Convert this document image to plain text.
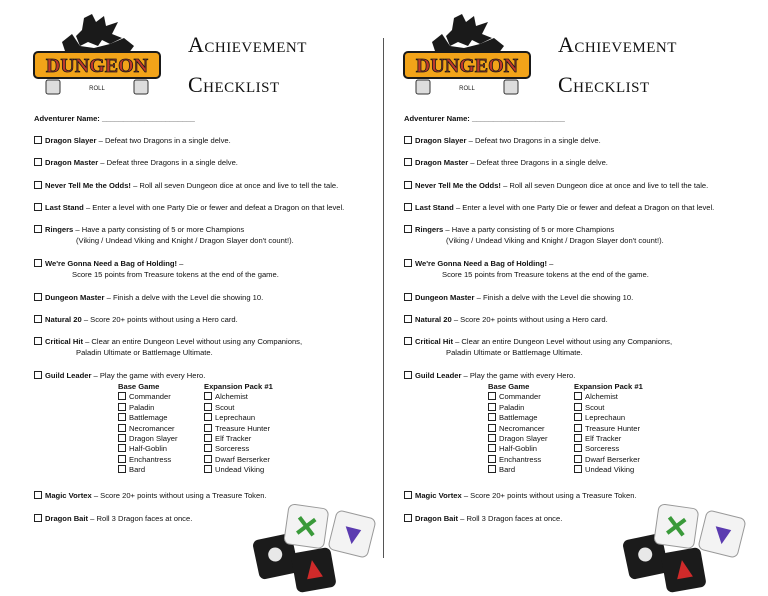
DUNGEON
ROLL
Achievement
Checklist
Adventurer Name: ______________________
Dragon Slayer – Defeat two Dragons in a single delve.
Dragon Master – Defeat three Dragons in a single delve.
Never Tell Me the Odds! – Roll all seven Dungeon dice at once and live to tell the tale.
Last Stand – Enter a level with one Party Die or fewer and defeat a Dragon on that level.
Ringers – Have a party consisting of 5 or more Champions
(Viking / Undead Viking and Knight / Dragon Slayer don't count!).
We're Gonna Need a Bag of Holding! –
Score 15 points from Treasure tokens at the end of the game.
Dungeon Master – Finish a delve with the Level die showing 10.
Natural 20 – Score 20+ points without using a Hero card.
Critical Hit – Clear an entire Dungeon Level without using any Companions,
Paladin Ultimate or Battlemage Ultimate.
Guild Leader – Play the game with every Hero.
Magic Vortex – Score 20+ points without using a Treasure Token.
Dragon Bait – Roll 3 Dragon faces at once.
Base Game
Commander
Paladin
Battlemage
Necromancer
Dragon Slayer
Half-Goblin
Enchantress
Bard
Expansion Pack #1
Alchemist
Scout
Leprechaun
Treasure Hunter
Elf Tracker
Sorceress
Dwarf Berserker
Undead Viking
DUNGEON
ROLL
Achievement
Checklist
Adventurer Name: ______________________
Dragon Slayer – Defeat two Dragons in a single delve.
Dragon Master – Defeat three Dragons in a single delve.
Never Tell Me the Odds! – Roll all seven Dungeon dice at once and live to tell the tale.
Last Stand – Enter a level with one Party Die or fewer and defeat a Dragon on that level.
Ringers – Have a party consisting of 5 or more Champions
(Viking / Undead Viking and Knight / Dragon Slayer don't count!).
We're Gonna Need a Bag of Holding! –
Score 15 points from Treasure tokens at the end of the game.
Dungeon Master – Finish a delve with the Level die showing 10.
Natural 20 – Score 20+ points without using a Hero card.
Critical Hit – Clear an entire Dungeon Level without using any Companions,
Paladin Ultimate or Battlemage Ultimate.
Guild Leader – Play the game with every Hero.
Magic Vortex – Score 20+ points without using a Treasure Token.
Dragon Bait – Roll 3 Dragon faces at once.
Base Game
Commander
Paladin
Battlemage
Necromancer
Dragon Slayer
Half-Goblin
Enchantress
Bard
Expansion Pack #1
Alchemist
Scout
Leprechaun
Treasure Hunter
Elf Tracker
Sorceress
Dwarf Berserker
Undead Viking
